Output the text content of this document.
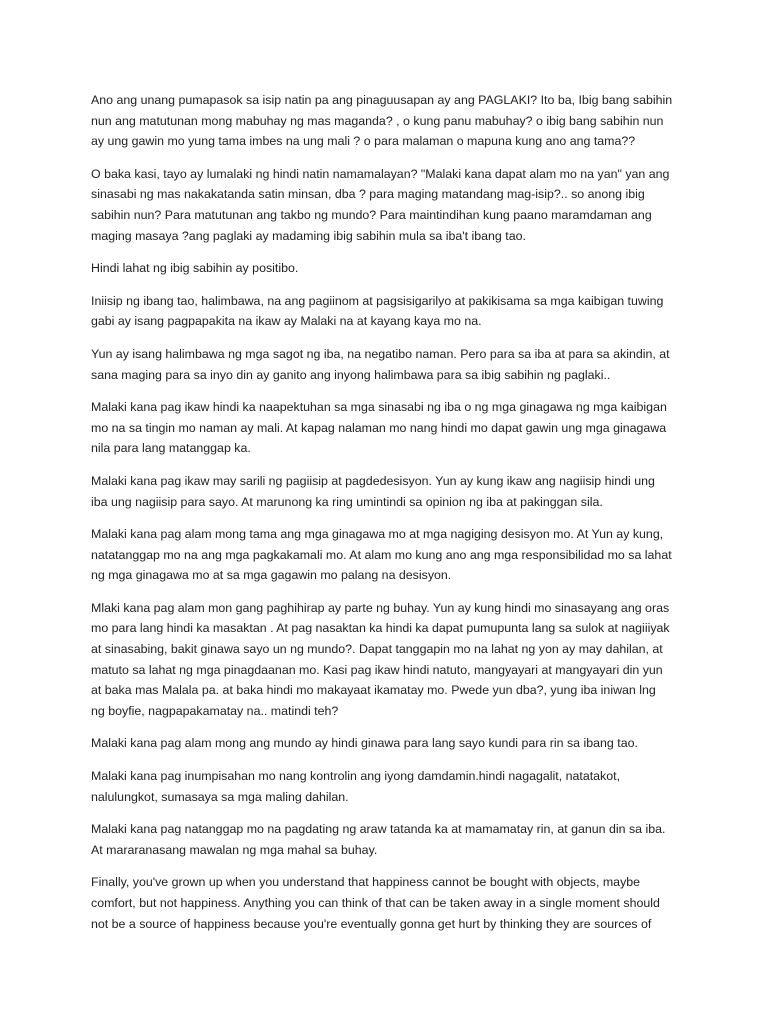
Ano ang unang pumapasok sa isip natin pa ang pinaguusapan ay ang PAGLAKI? Ito ba, Ibig bang sabihin
nun ang matutunan mong mabuhay ng mas maganda? , o kung panu mabuhay? o ibig bang sabihin nun
ay ung gawin mo yung tama imbes na ung mali ? o para malaman o mapuna kung ano ang tama??

O baka kasi, tayo ay lumalaki ng hindi natin namamalayan? "Malaki kana dapat alam mo na yan" yan ang
sinasabi ng mas nakakatanda satin minsan, dba ? para maging matandang mag-isip?.. so anong ibig
sabihin nun? Para matutunan ang takbo ng mundo? Para maintindihan kung paano maramdaman ang
maging masaya ?ang paglaki ay madaming ibig sabihin mula sa iba't ibang tao.

Hindi lahat ng ibig sabihin ay positibo.

Iniisip ng ibang tao, halimbawa, na ang pagiinom at pagsisigarilyo at pakikisama sa mga kaibigan tuwing
gabi ay isang pagpapakita na ikaw ay Malaki na at kayang kaya mo na.

Yun ay isang halimbawa ng mga sagot ng iba, na negatibo naman. Pero para sa iba at para sa akindin, at
sana maging para sa inyo din ay ganito ang inyong halimbawa para sa ibig sabihin ng paglaki..

Malaki kana pag ikaw hindi ka naapektuhan sa mga sinasabi ng iba o ng mga ginagawa ng mga kaibigan
mo na sa tingin mo naman ay mali. At kapag nalaman mo nang hindi mo dapat gawin ung mga ginagawa
nila para lang matanggap ka.

Malaki kana pag ikaw may sarili ng pagiisip at pagdedesisyon. Yun ay kung ikaw ang nagiisip hindi ung
iba ung nagiisip para sayo. At marunong ka ring umintindi sa opinion ng iba at pakinggan sila.

Malaki kana pag alam mong tama ang mga ginagawa mo at mga nagiging desisyon mo. At Yun ay kung,
natatanggap mo na ang mga pagkakamali mo. At alam mo kung ano ang mga responsibilidad mo sa lahat
ng mga ginagawa mo at sa mga gagawin mo palang na desisyon.

Mlaki kana pag alam mon gang paghihirap ay parte ng buhay. Yun ay kung hindi mo sinasayang ang oras
mo para lang hindi ka masaktan . At pag nasaktan ka hindi ka dapat pumupunta lang sa sulok at nagiiiyak
at sinasabing, bakit ginawa sayo un ng mundo?. Dapat tanggapin mo na lahat ng yon ay may dahilan, at
matuto sa lahat ng mga pinagdaanan mo. Kasi pag ikaw hindi natuto, mangyayari at mangyayari din yun
at baka mas Malala pa. at baka hindi mo makayaat ikamatay mo. Pwede yun dba?, yung iba iniwan lng
ng boyfie, nagpapakamatay na.. matindi teh?

Malaki kana pag alam mong ang mundo ay hindi ginawa para lang sayo kundi para rin sa ibang tao.

Malaki kana pag inumpisahan mo nang kontrolin ang iyong damdamin.hindi nagagalit, natatakot,
nalulungkot, sumasaya sa mga maling dahilan.

Malaki kana pag natanggap mo na pagdating ng araw tatanda ka at mamamatay rin, at ganun din sa iba.
At mararanasang mawalan ng mga mahal sa buhay.

Finally, you've grown up when you understand that happiness cannot be bought with objects, maybe
comfort, but not happiness. Anything you can think of that can be taken away in a single moment should
not be a source of happiness because you're eventually gonna get hurt by thinking they are sources of
